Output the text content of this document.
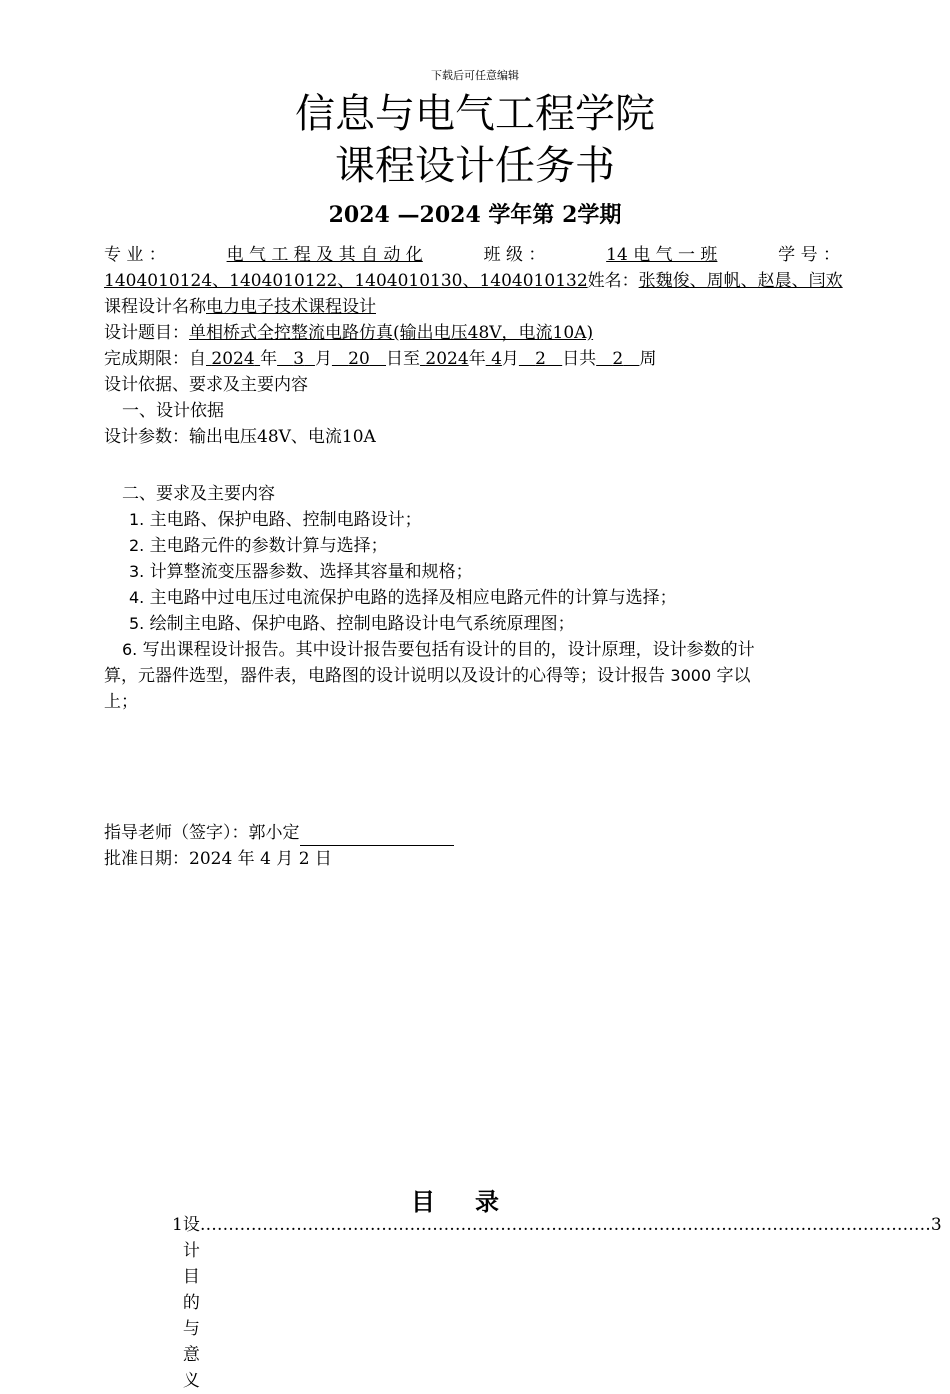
下载后可任意编辑
信息与电气工程学院
课程设计任务书
2024 —2024 学年第 2学期
专 业 ：	电 气 工 程 及 其 自 动 化	班 级 ：	14 电 气 一 班	学 号 ：
1404010124、1404010122、1404010130、1404010132姓名：张魏俊、周帆、赵晨、闫欢
课程设计名称电力电子技术课程设计
设计题目：单相桥式全控整流电路仿真(输出电压48V，电流10A)
完成期限：自 2024 年 3 月 20 日至 2024年 4月 2 日共 2 周
设计依据、要求及主要内容
一、设计依据
设计参数：输出电压48V、电流10A
二、要求及主要内容
1. 主电路、保护电路、控制电路设计；
2. 主电路元件的参数计算与选择；
3. 计算整流变压器参数、选择其容量和规格；
4. 主电路中过电压过电流保护电路的选择及相应电路元件的计算与选择；
5. 绘制主电路、保护电路、控制电路设计电气系统原理图；
6. 写出课程设计报告。其中设计报告要包括有设计的目的，设计原理，设计参数的计
算，元器件选型，器件表，电路图的设计说明以及设计的心得等；设计报告 3000 字以
上；
指导老师（签字）：郭小定
批准日期：2024 年 4 月 2 日
目录
1 设计目的与意义
………………………………………………………………………………………………………………… 3
